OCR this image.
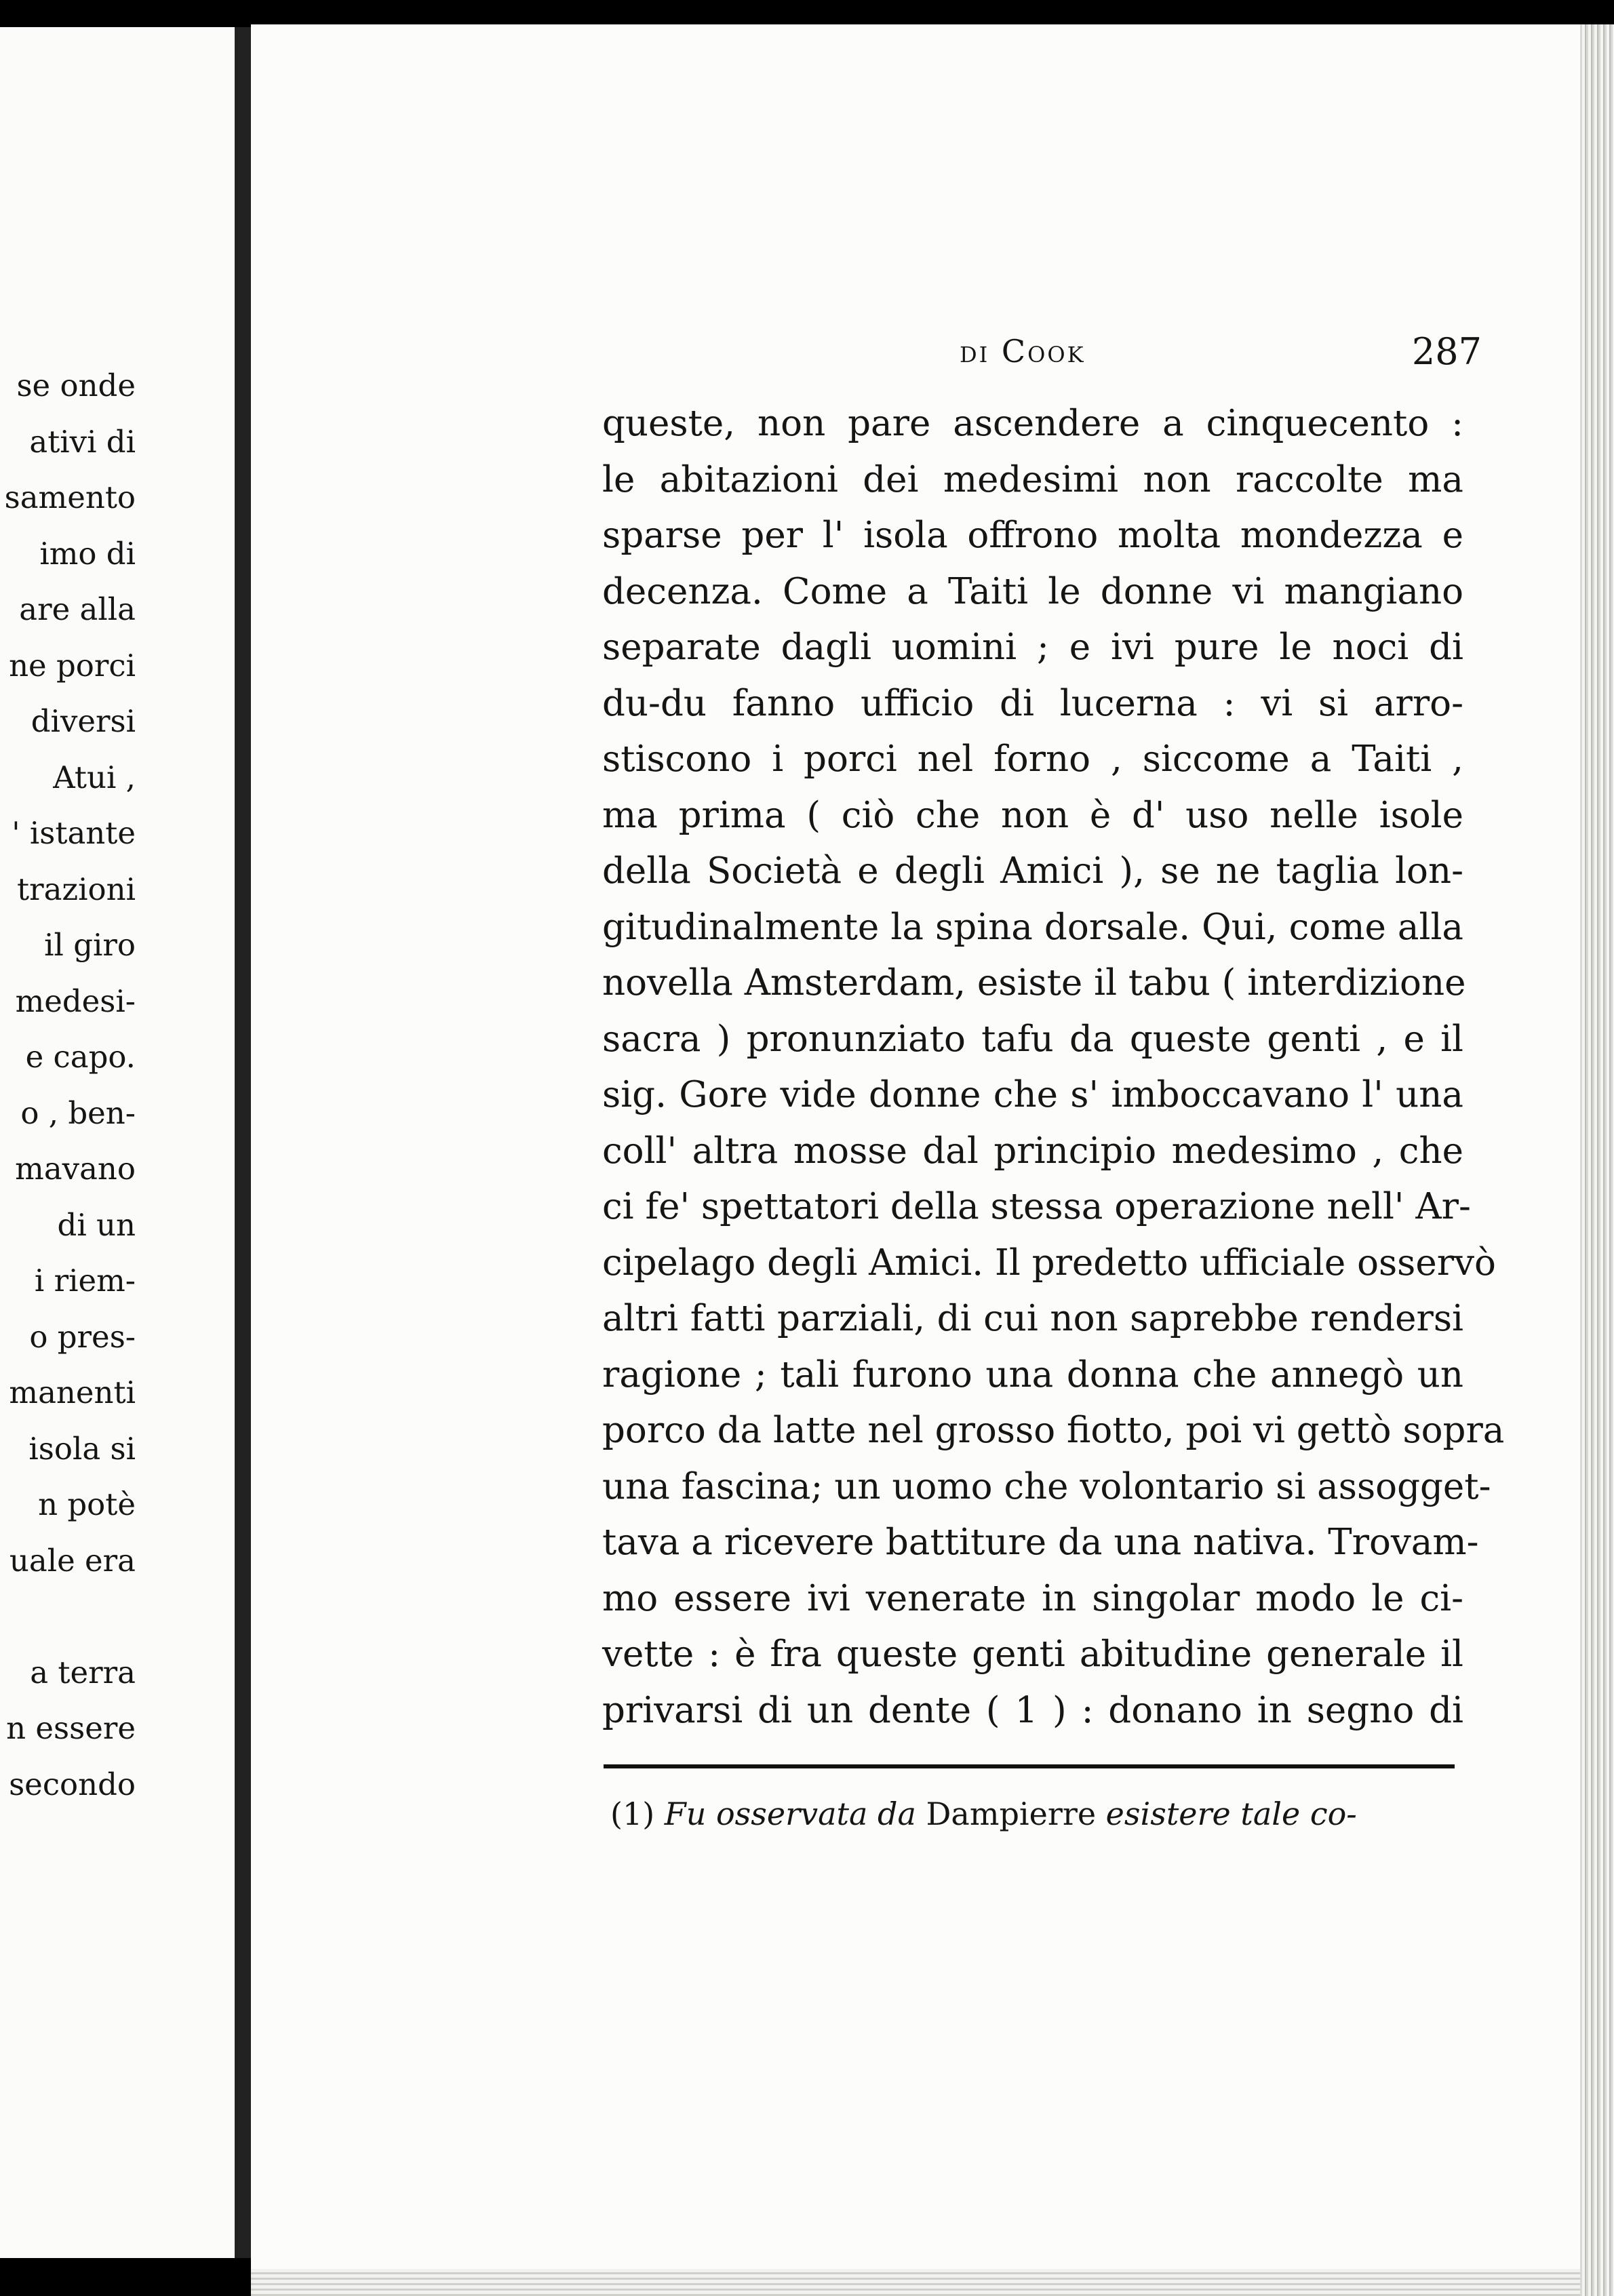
se onde
ativi di
samento
imo di
are alla
ne porci
diversi
Atui ,
' istante
trazioni
il giro
medesi-
e capo.
o , ben-
mavano
di un
i riem-
o pres-
manenti
isola si
n potè
uale era
a terra
n essere
secondo
di Cook	287
queste, non pare ascendere a cinquecento :
le abitazioni dei medesimi non raccolte ma
sparse per l' isola offrono molta mondezza e
decenza. Come a Taiti le donne vi mangiano
separate dagli uomini ; e ivi pure le noci di
du-du fanno ufficio di lucerna : vi si arro-
stiscono i porci nel forno , siccome a Taiti ,
ma prima ( ciò che non è d' uso nelle isole
della Società e degli Amici ), se ne taglia lon-
gitudinalmente la spina dorsale. Qui, come alla
novella Amsterdam, esiste il tabu ( interdizione
sacra ) pronunziato tafu da queste genti , e il
sig. Gore vide donne che s' imboccavano l' una
coll' altra mosse dal principio medesimo , che
ci fe' spettatori della stessa operazione nell' Ar-
cipelago degli Amici. Il predetto ufficiale osservò
altri fatti parziali, di cui non saprebbe rendersi
ragione ; tali furono una donna che annegò un
porco da latte nel grosso fiotto, poi vi gettò sopra
una fascina; un uomo che volontario si assogget-
tava a ricevere battiture da una nativa. Trovam-
mo essere ivi venerate in singolar modo le ci-
vette : è fra queste genti abitudine generale il
privarsi di un dente ( 1 ) : donano in segno di
(1) Fu osservata da Dampierre esistere tale co-
